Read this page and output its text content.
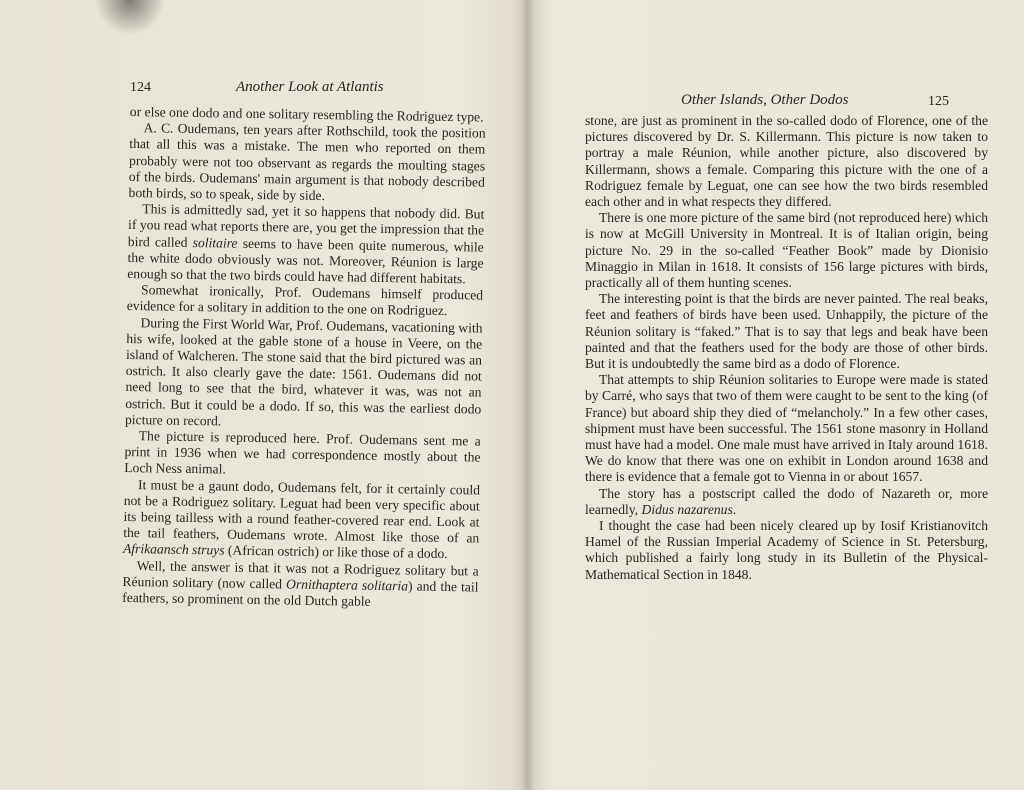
124	Another Look at Atlantis

or else one dodo and one solitary resembling the Rodriguez type.

A. C. Oudemans, ten years after Rothschild, took the position that all this was a mistake. The men who reported on them probably were not too observant as regards the moulting stages of the birds. Oudemans' main argument is that nobody described both birds, so to speak, side by side.

This is admittedly sad, yet it so happens that nobody did. But if you read what reports there are, you get the impression that the bird called solitaire seems to have been quite numerous, while the white dodo obviously was not. Moreover, Réunion is large enough so that the two birds could have had different habitats.

Somewhat ironically, Prof. Oudemans himself produced evidence for a solitary in addition to the one on Rodriguez.

During the First World War, Prof. Oudemans, vacationing with his wife, looked at the gable stone of a house in Veere, on the island of Walcheren. The stone said that the bird pictured was an ostrich. It also clearly gave the date: 1561. Oudemans did not need long to see that the bird, whatever it was, was not an ostrich. But it could be a dodo. If so, this was the earliest dodo picture on record.

The picture is reproduced here. Prof. Oudemans sent me a print in 1936 when we had correspondence mostly about the Loch Ness animal.

It must be a gaunt dodo, Oudemans felt, for it certainly could not be a Rodriguez solitary. Leguat had been very specific about its being tailless with a round feather-covered rear end. Look at the tail feathers, Oudemans wrote. Almost like those of an Afrikaansch struys (African ostrich) or like those of a dodo.

Well, the answer is that it was not a Rodriguez solitary but a Réunion solitary (now called Ornithaptera solitaria) and the tail feathers, so prominent on the old Dutch gable

Other Islands, Other Dodos	125

stone, are just as prominent in the so-called dodo of Florence, one of the pictures discovered by Dr. S. Killermann. This picture is now taken to portray a male Réunion, while another picture, also discovered by Killermann, shows a female. Comparing this picture with the one of a Rodriguez female by Leguat, one can see how the two birds resembled each other and in what respects they differed.

There is one more picture of the same bird (not reproduced here) which is now at McGill University in Montreal. It is of Italian origin, being picture No. 29 in the so-called “Feather Book” made by Dionisio Minaggio in Milan in 1618. It consists of 156 large pictures with birds, practically all of them hunting scenes.

The interesting point is that the birds are never painted. The real beaks, feet and feathers of birds have been used. Unhappily, the picture of the Réunion solitary is “faked.” That is to say that legs and beak have been painted and that the feathers used for the body are those of other birds. But it is undoubtedly the same bird as a dodo of Florence.

That attempts to ship Réunion solitaries to Europe were made is stated by Carré, who says that two of them were caught to be sent to the king (of France) but aboard ship they died of “melancholy.” In a few other cases, shipment must have been successful. The 1561 stone masonry in Holland must have had a model. One male must have arrived in Italy around 1618. We do know that there was one on exhibit in London around 1638 and there is evidence that a female got to Vienna in or about 1657.

The story has a postscript called the dodo of Nazareth or, more learnedly, Didus nazarenus.

I thought the case had been nicely cleared up by Iosif Kristianovitch Hamel of the Russian Imperial Academy of Science in St. Petersburg, which published a fairly long study in its Bulletin of the Physical-Mathematical Section in 1848.
